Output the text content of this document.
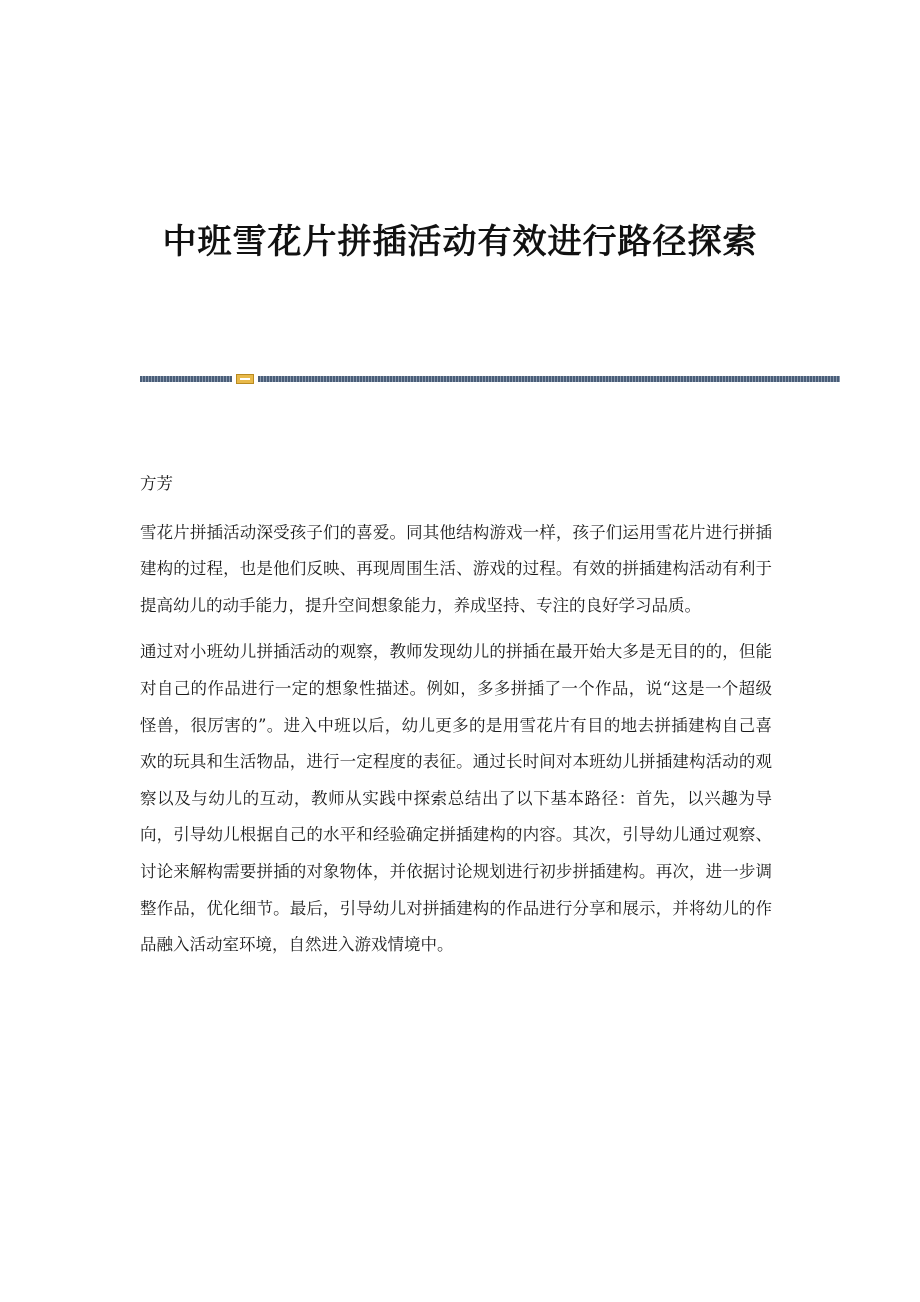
中班雪花片拼插活动有效进行路径探索

方芳

雪花片拼插活动深受孩子们的喜爱。同其他结构游戏一样，孩子们运用雪花片进行拼插建构的过程，也是他们反映、再现周围生活、游戏的过程。有效的拼插建构活动有利于提高幼儿的动手能力，提升空间想象能力，养成坚持、专注的良好学习品质。

通过对小班幼儿拼插活动的观察，教师发现幼儿的拼插在最开始大多是无目的的，但能对自己的作品进行一定的想象性描述。例如，多多拼插了一个作品，说“这是一个超级怪兽，很厉害的”。进入中班以后，幼儿更多的是用雪花片有目的地去拼插建构自己喜欢的玩具和生活物品，进行一定程度的表征。通过长时间对本班幼儿拼插建构活动的观察以及与幼儿的互动，教师从实践中探索总结出了以下基本路径：首先，以兴趣为导向，引导幼儿根据自己的水平和经验确定拼插建构的内容。其次，引导幼儿通过观察、讨论来解构需要拼插的对象物体，并依据讨论规划进行初步拼插建构。再次，进一步调整作品，优化细节。最后，引导幼儿对拼插建构的作品进行分享和展示，并将幼儿的作品融入活动室环境，自然进入游戏情境中。
